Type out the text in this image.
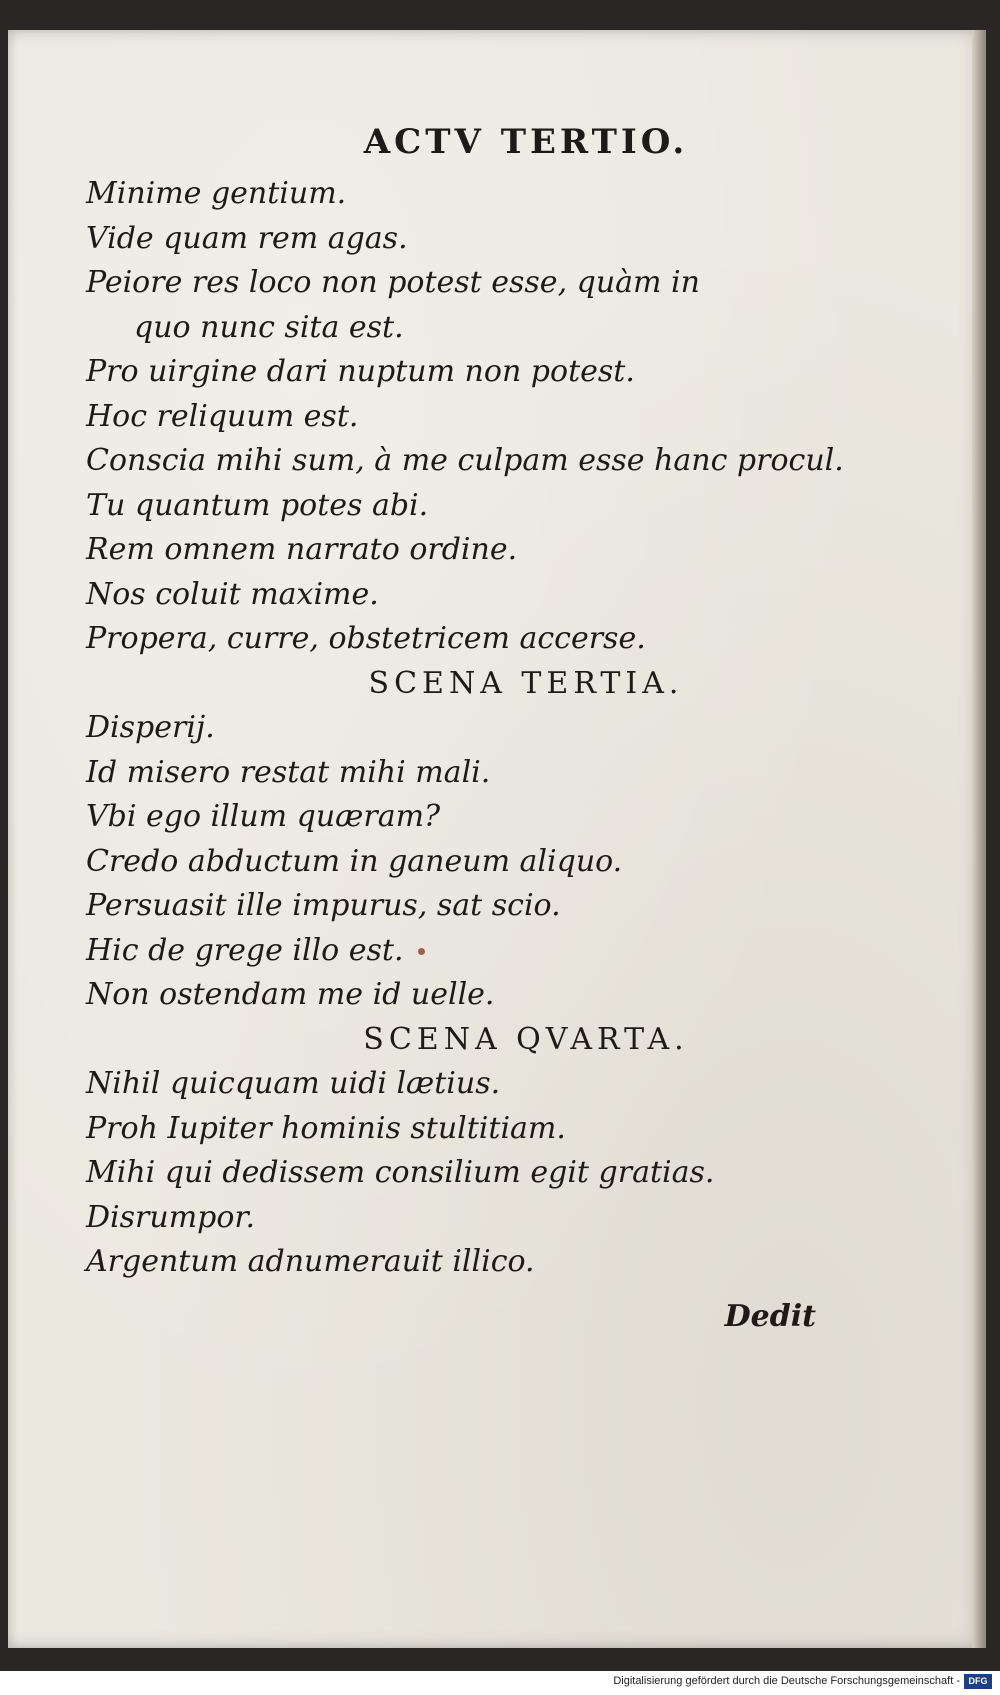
ACTV TERTIO.
Minime gentium.
Vide quam rem agas.
Peiore res loco non potest esse, quàm in
quo nunc sita est.
Pro uirgine dari nuptum non potest.
Hoc reliquum est.
Conscia mihi sum, à me culpam esse hanc procul.
Tu quantum potes abi.
Rem omnem narrato ordine.
Nos coluit maxime.
Propera, curre, obstetricem accerse.
SCENA TERTIA.
Disperij.
Id misero restat mihi mali.
Vbi ego illum quæram?
Credo abductum in ganeum aliquo.
Persuasit ille impurus, sat scio.
Hic de grege illo est.
Non ostendam me id uelle.
SCENA QVARTA.
Nihil quicquam uidi lætius.
Proh Iupiter hominis stultitiam.
Mihi qui dedissem consilium egit gratias.
Disrumpor.
Argentum adnumerauit illico.
Dedit
Digitalisierung gefördert durch die Deutsche Forschungsgemeinschaft - DFG
